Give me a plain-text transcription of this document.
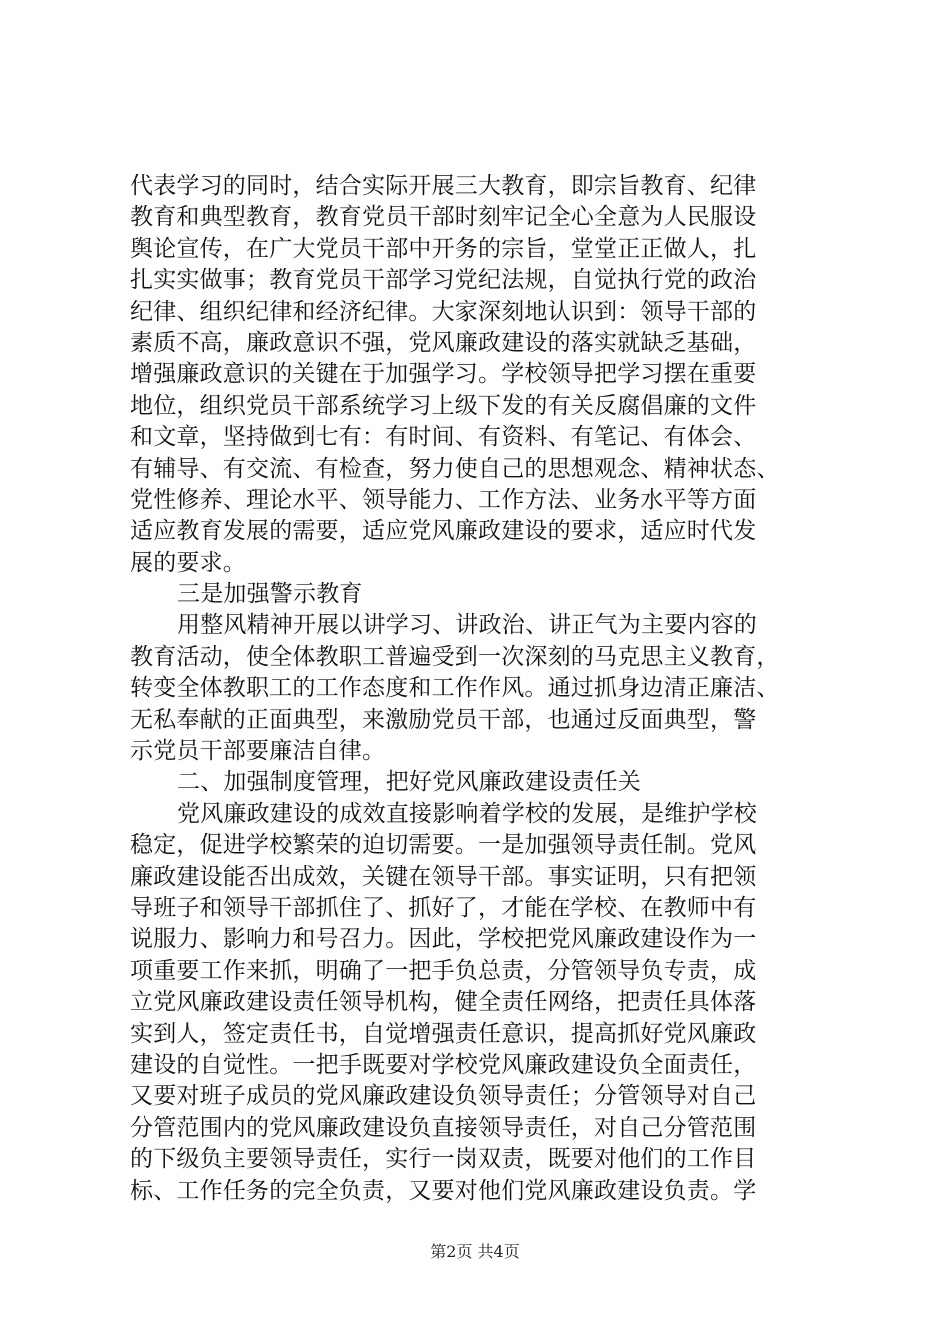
代表学习的同时，结合实际开展三大教育，即宗旨教育、纪律
教育和典型教育，教育党员干部时刻牢记全心全意为人民服设
舆论宣传，在广大党员干部中开务的宗旨，堂堂正正做人，扎
扎实实做事；教育党员干部学习党纪法规，自觉执行党的政治
纪律、组织纪律和经济纪律。大家深刻地认识到：领导干部的
素质不高，廉政意识不强，党风廉政建设的落实就缺乏基础，
增强廉政意识的关键在于加强学习。学校领导把学习摆在重要
地位，组织党员干部系统学习上级下发的有关反腐倡廉的文件
和文章，坚持做到七有：有时间、有资料、有笔记、有体会、
有辅导、有交流、有检查，努力使自己的思想观念、精神状态、
党性修养、理论水平、领导能力、工作方法、业务水平等方面
适应教育发展的需要，适应党风廉政建设的要求，适应时代发
展的要求。
三是加强警示教育
用整风精神开展以讲学习、讲政治、讲正气为主要内容的
教育活动，使全体教职工普遍受到一次深刻的马克思主义教育，
转变全体教职工的工作态度和工作作风。通过抓身边清正廉洁、
无私奉献的正面典型，来激励党员干部，也通过反面典型，警
示党员干部要廉洁自律。
二、加强制度管理，把好党风廉政建设责任关
党风廉政建设的成效直接影响着学校的发展，是维护学校
稳定，促进学校繁荣的迫切需要。一是加强领导责任制。党风
廉政建设能否出成效，关键在领导干部。事实证明，只有把领
导班子和领导干部抓住了、抓好了，才能在学校、在教师中有
说服力、影响力和号召力。因此，学校把党风廉政建设作为一
项重要工作来抓，明确了一把手负总责，分管领导负专责，成
立党风廉政建设责任领导机构，健全责任网络，把责任具体落
实到人，签定责任书，自觉增强责任意识，提高抓好党风廉政
建设的自觉性。一把手既要对学校党风廉政建设负全面责任，
又要对班子成员的党风廉政建设负领导责任；分管领导对自己
分管范围内的党风廉政建设负直接领导责任，对自己分管范围
的下级负主要领导责任，实行一岗双责，既要对他们的工作目
标、工作任务的完全负责，又要对他们党风廉政建设负责。学
第2页 共4页
